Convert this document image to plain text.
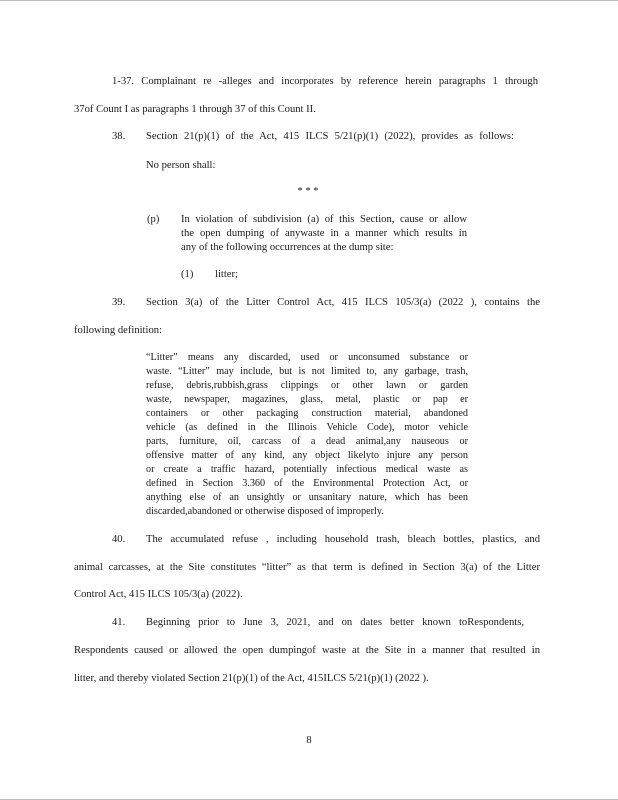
1-37. Complainant re -alleges and incorporates by reference herein paragraphs 1 through
37of Count I as paragraphs 1 through 37 of this Count II.
38. Section 21(p)(1) of the Act, 415 ILCS 5/21(p)(1) (2022), provides as follows:
No person shall:
* * *
(p) In violation of subdivision (a) of this Section, cause or allow
the open dumping of anywaste in a manner which results in
any of the following occurrences at the dump site:
(1) litter;
39. Section 3(a) of the Litter Control Act, 415 ILCS 105/3(a) (2022 ), contains the
following definition:
“Litter” means any discarded, used or unconsumed substance or
waste. “Litter” may include, but is not limited to, any garbage, trash,
refuse, debris,rubbish,grass clippings or other lawn or garden
waste, newspaper, magazines, glass, metal, plastic or pap er
containers or other packaging construction material, abandoned
vehicle (as defined in the Illinois Vehicle Code), motor vehicle
parts, furniture, oil, carcass of a dead animal,any nauseous or
offensive matter of any kind, any object likelyto injure any person
or create a traffic hazard, potentially infectious medical waste as
defined in Section 3.360 of the Environmental Protection Act, or
anything else of an unsightly or unsanitary nature, which has been
discarded,abandoned or otherwise disposed of improperly.
40. The accumulated refuse , including household trash, bleach bottles, plastics, and
animal carcasses, at the Site constitutes “litter” as that term is defined in Section 3(a) of the Litter
Control Act, 415 ILCS 105/3(a) (2022).
41. Beginning prior to June 3, 2021, and on dates better known toRespondents,
Respondents caused or allowed the open dumpingof waste at the Site in a manner that resulted in
litter, and thereby violated Section 21(p)(1) of the Act, 415ILCS 5/21(p)(1) (2022 ).
8
